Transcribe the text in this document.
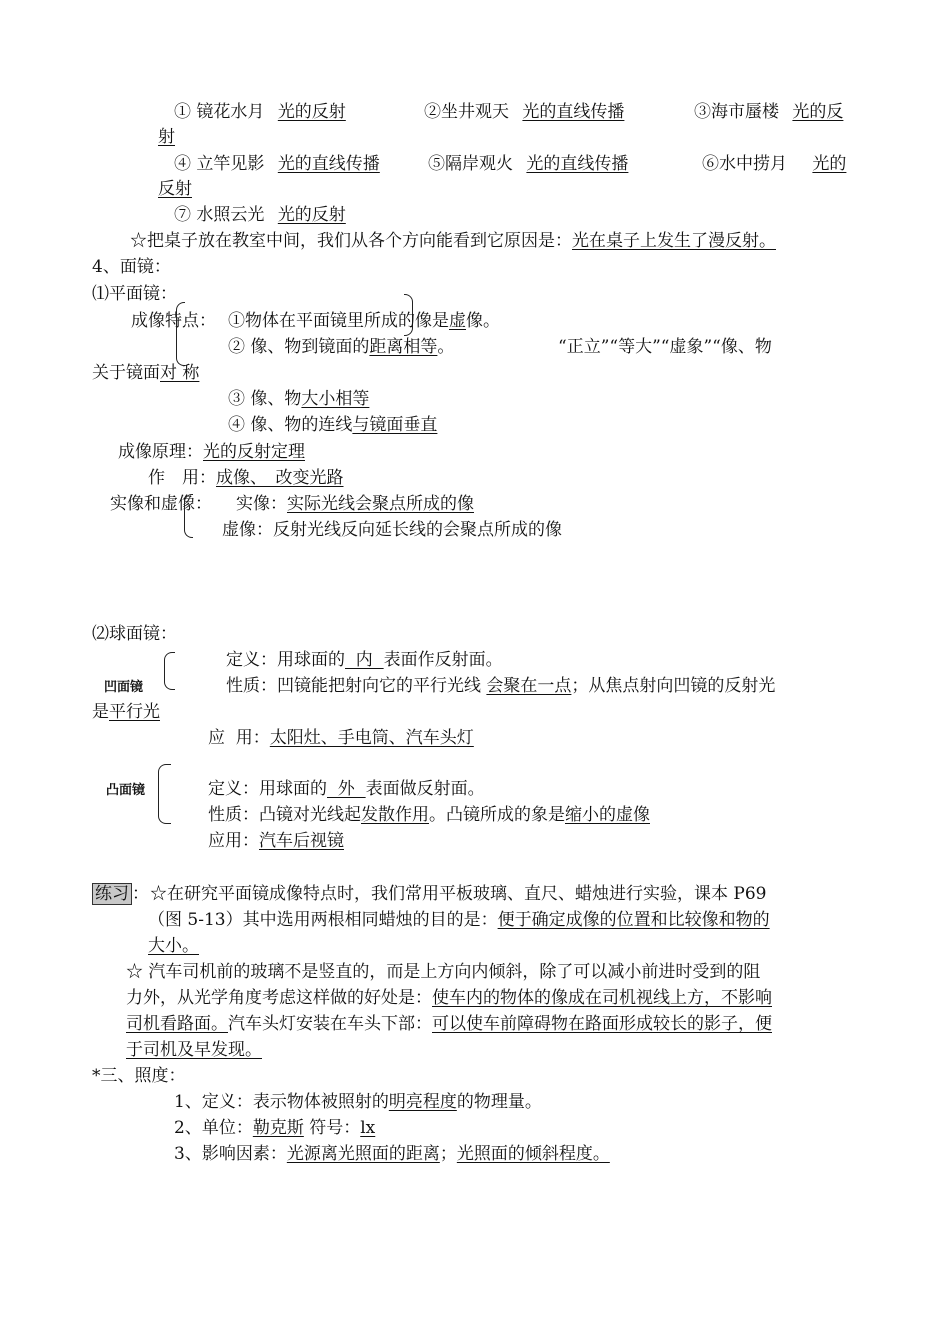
① 镜花水月 光的反射	②坐井观天 光的直线传播	③海市蜃楼 光的反
射
④ 立竿见影 光的直线传播	⑤隔岸观火 光的直线传播	⑥水中捞月 光的
反射
⑦ 水照云光 光的反射
☆把桌子放在教室中间，我们从各个方向能看到它原因是：光在桌子上发生了漫反射。
4、面镜：
⑴平面镜：
成像特点： ①物体在平面镜里所成的像是虚像。
② 像、物到镜面的距离相等。	“正立”“等大”“虚象”“像、物
关于镜面对 称
③ 像、物大小相等
④ 像、物的连线与镜面垂直
成像原理：光的反射定理
作　用：成像、　改变光路
实像和虚像： 实像：实际光线会聚点所成的像
虚像：反射光线反向延长线的会聚点所成的像
⑵球面镜：
凹面镜
定义：用球面的  内  表面作反射面。
性质：凹镜能把射向它的平行光线 会聚在一点；从焦点射向凹镜的反射光
是平行光
应  用：太阳灶、手电筒、汽车头灯
凸面镜	定义：用球面的  外  表面做反射面。
性质：凸镜对光线起发散作用。凸镜所成的象是缩小的虚像
应用：汽车后视镜
练习 ： ☆在研究平面镜成像特点时，我们常用平板玻璃、直尺、蜡烛进行实验，课本 P69
（图 5-13）其中选用两根相同蜡烛的目的是：便于确定成像的位置和比较像和物的
大小。
☆ 汽车司机前的玻璃不是竖直的，而是上方向内倾斜，除了可以减小前进时受到的阻
力外，从光学角度考虑这样做的好处是：使车内的物体的像成在司机视线上方，不影响
司机看路面。汽车头灯安装在车头下部：可以使车前障碍物在路面形成较长的影子，便
于司机及早发现。
*三、照度：
1、定义：表示物体被照射的明亮程度的物理量。
2、单位：勒克斯 符号：lx
3、影响因素：光源离光照面的距离；光照面的倾斜程度。
